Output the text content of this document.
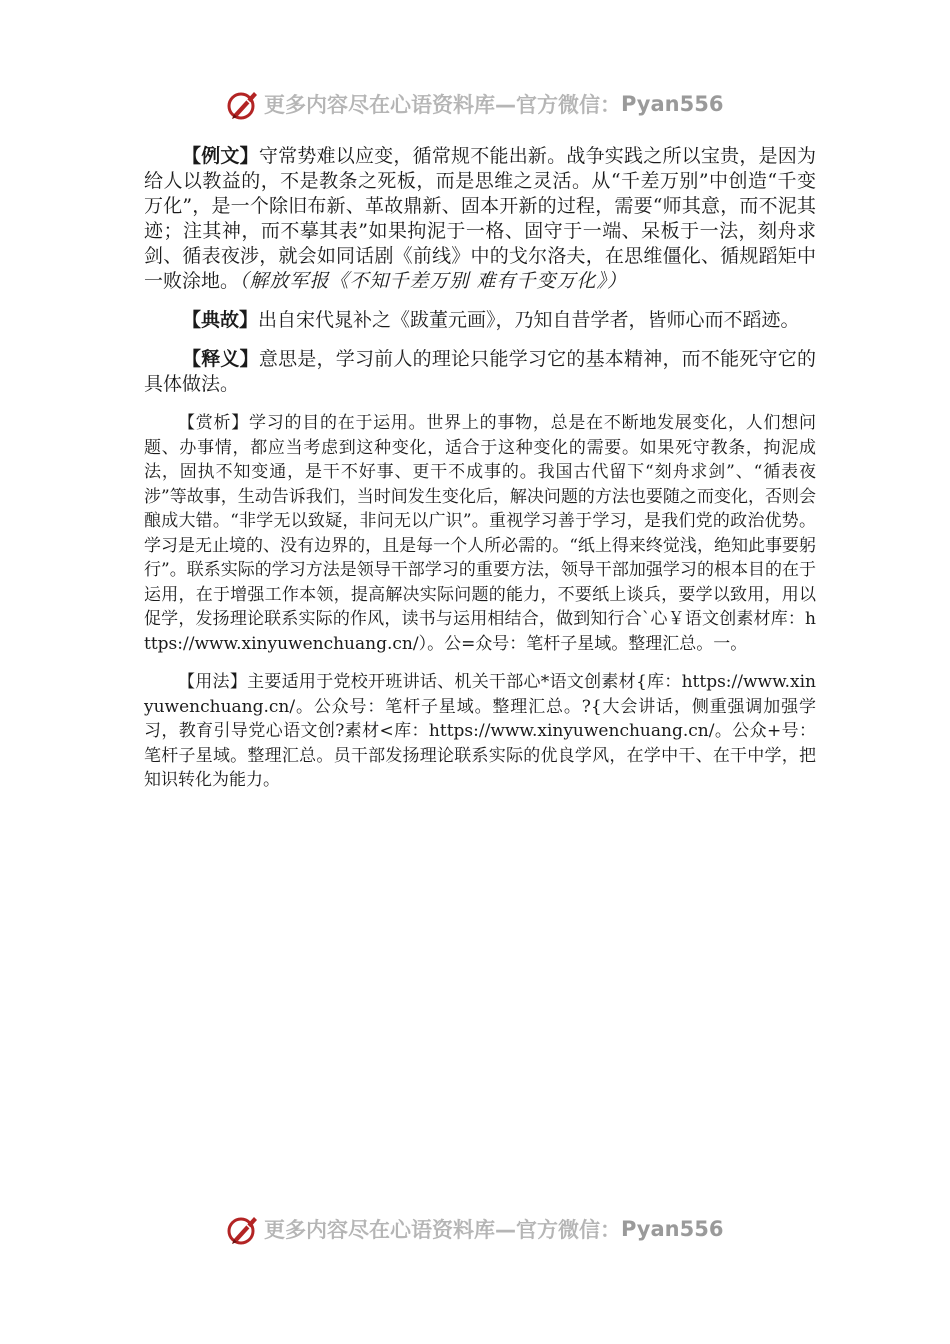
更多内容尽在心语资料库—官方微信： Pyan556

【例文】守常势难以应变，循常规不能出新。战争实践之所以宝贵，是因为给人以教益的，不是教条之死板，而是思维之灵活。从“千差万别”中创造“千变万化”，是一个除旧布新、革故鼎新、固本开新的过程，需要“师其意，而不泥其迹；注其神，而不摹其表”如果拘泥于一格、固守于一端、呆板于一法，刻舟求剑、循表夜涉，就会如同话剧《前线》中的戈尔洛夫，在思维僵化、循规蹈矩中一败涂地。（解放军报《不知千差万别 难有千变万化》）

【典故】出自宋代晁补之《跋董元画》，乃知自昔学者，皆师心而不蹈迹。

【释义】意思是，学习前人的理论只能学习它的基本精神，而不能死守它的具体做法。

【赏析】学习的目的在于运用。世界上的事物，总是在不断地发展变化，人们想问题、办事情，都应当考虑到这种变化，适合于这种变化的需要。如果死守教条，拘泥成法，固执不知变通，是干不好事、更干不成事的。我国古代留下“刻舟求剑”、“循表夜涉”等故事，生动告诉我们，当时间发生变化后，解决问题的方法也要随之而变化，否则会酿成大错。“非学无以致疑，非问无以广识”。重视学习善于学习，是我们党的政治优势。学习是无止境的、没有边界的，且是每一个人所必需的。“纸上得来终觉浅，绝知此事要躬行”。联系实际的学习方法是领导干部学习的重要方法，领导干部加强学习的根本目的在于运用，在于增强工作本领，提高解决实际问题的能力，不要纸上谈兵，要学以致用，用以促学，发扬理论联系实际的作风，读书与运用相结合，做到知行合`心￥语文创素材库：https://www.xinyuwenchuang.cn/）。公=众号：笔杆子星域。整理汇总。一。

【用法】主要适用于党校开班讲话、机关干部心*语文创素材{库：https://www.xinyuwenchuang.cn/。公众号：笔杆子星域。整理汇总。?{大会讲话，侧重强调加强学习，教育引导党心语文创?素材<库：https://www.xinyuwenchuang.cn/。公众+号：笔杆子星域。整理汇总。员干部发扬理论联系实际的优良学风，在学中干、在干中学，把知识转化为能力。

更多内容尽在心语资料库—官方微信： Pyan556
